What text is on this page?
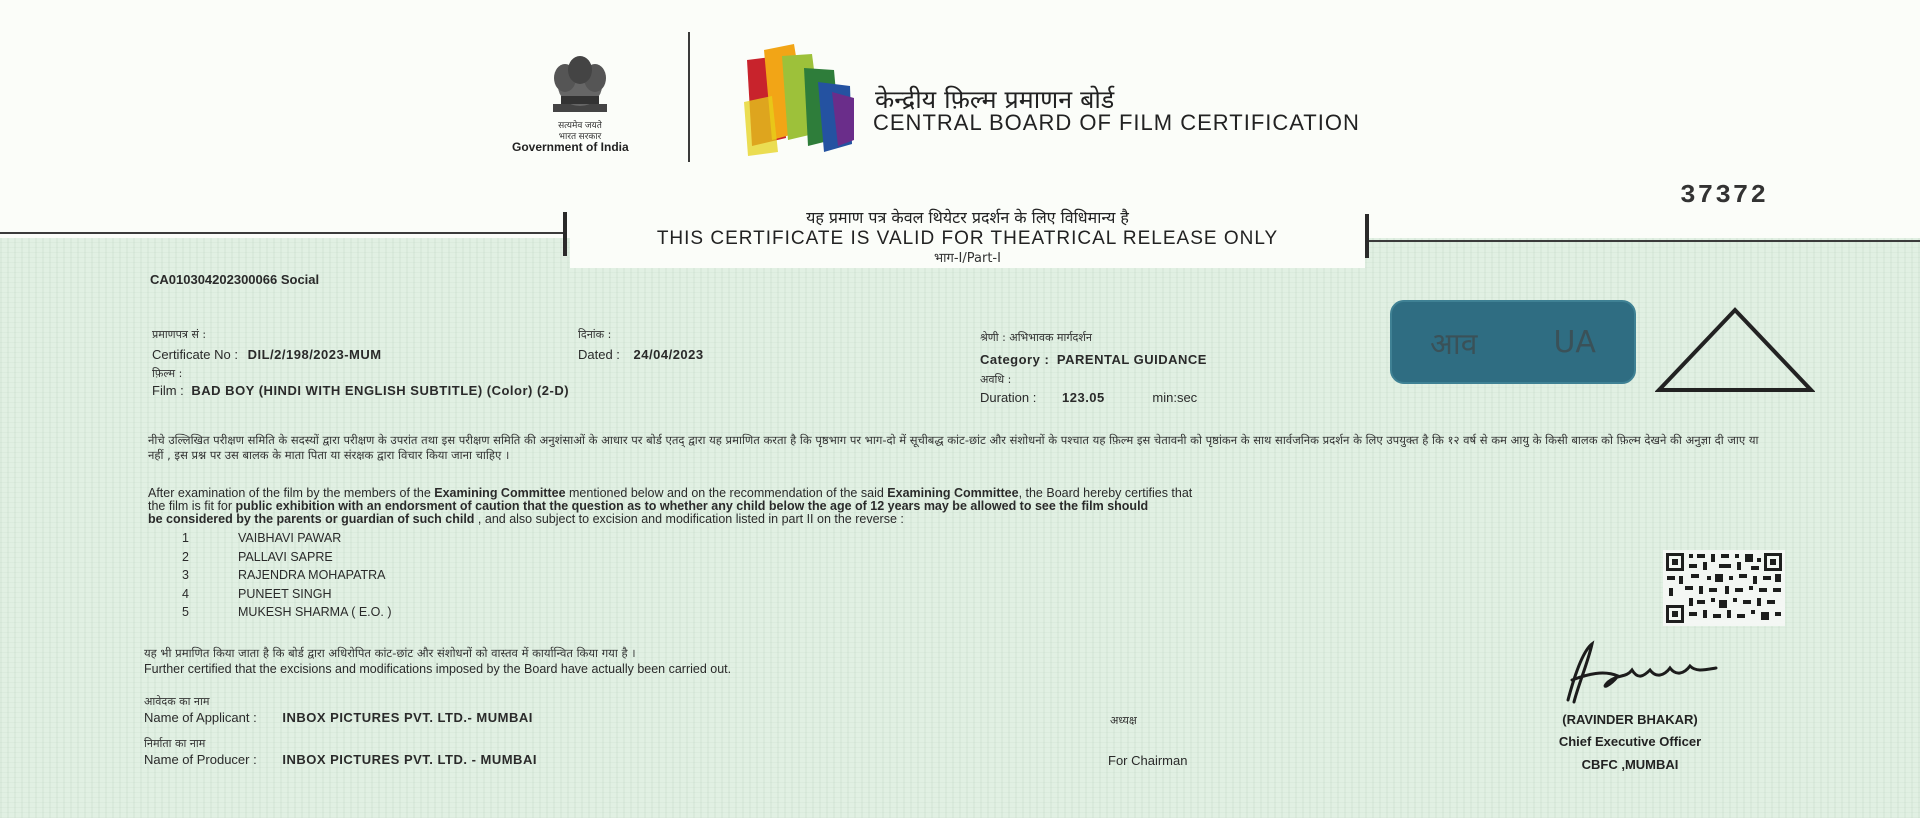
सत्यमेव जयते
भारत सरकार
Government of India
केन्द्रीय फ़िल्म प्रमाणन बोर्ड
CENTRAL BOARD OF FILM CERTIFICATION
37372
यह प्रमाण पत्र केवल थियेटर प्रदर्शन के लिए विधिमान्य है
THIS CERTIFICATE IS VALID FOR THEATRICAL RELEASE ONLY
भाग-I/Part-I
CA010304202300066 Social
प्रमाणपत्र सं :
Certificate No : DIL/2/198/2023-MUM
दिनांक :
Dated : 24/04/2023
फ़िल्म :
Film : BAD BOY (HINDI WITH ENGLISH SUBTITLE) (Color) (2-D)
श्रेणी : अभिभावक मार्गदर्शन
Category : PARENTAL GUIDANCE
अवधि :
Duration : 123.05	min:sec
आव	UA
नीचे उल्लिखित परीक्षण समिति के सदस्यों द्वारा परीक्षण के उपरांत तथा इस परीक्षण समिति की अनुशंसाओं के आधार पर बोर्ड एतद् द्वारा यह प्रमाणित करता है कि पृष्ठभाग पर भाग-दो में सूचीबद्ध कांट-छांट और संशोधनों के पश्चात यह फ़िल्म इस चेतावनी को पृष्ठांकन के साथ सार्वजनिक प्रदर्शन के लिए उपयुक्त है कि १२ वर्ष से कम आयु के किसी बालक को फ़िल्म देखने की अनुज्ञा दी जाए या नहीं , इस प्रश्न पर उस बालक के माता पिता या संरक्षक द्वारा विचार किया जाना चाहिए ।
After examination of the film by the members of the Examining Committee mentioned below and on the recommendation of the said Examining Committee, the Board hereby certifies that
the film is fit for public exhibition with an endorsment of caution that the question as to whether any child below the age of 12 years may be allowed to see the film should
be considered by the parents or guardian of such child , and also subject to excision and modification listed in part II on the reverse :
1	VAIBHAVI PAWAR
2	PALLAVI SAPRE
3	RAJENDRA MOHAPATRA
4	PUNEET SINGH
5	MUKESH SHARMA ( E.O. )
यह भी प्रमाणित किया जाता है कि बोर्ड द्वारा अधिरोपित कांट-छांट और संशोधनों को वास्तव में कार्यान्वित किया गया है ।
Further certified that the excisions and modifications imposed by the Board have actually been carried out.
आवेदक का नाम
Name of Applicant : INBOX PICTURES PVT. LTD.- MUMBAI
निर्माता का नाम
Name of Producer : INBOX PICTURES PVT. LTD. - MUMBAI
अध्यक्ष
For Chairman
(RAVINDER BHAKAR)
Chief Executive Officer
CBFC ,MUMBAI
